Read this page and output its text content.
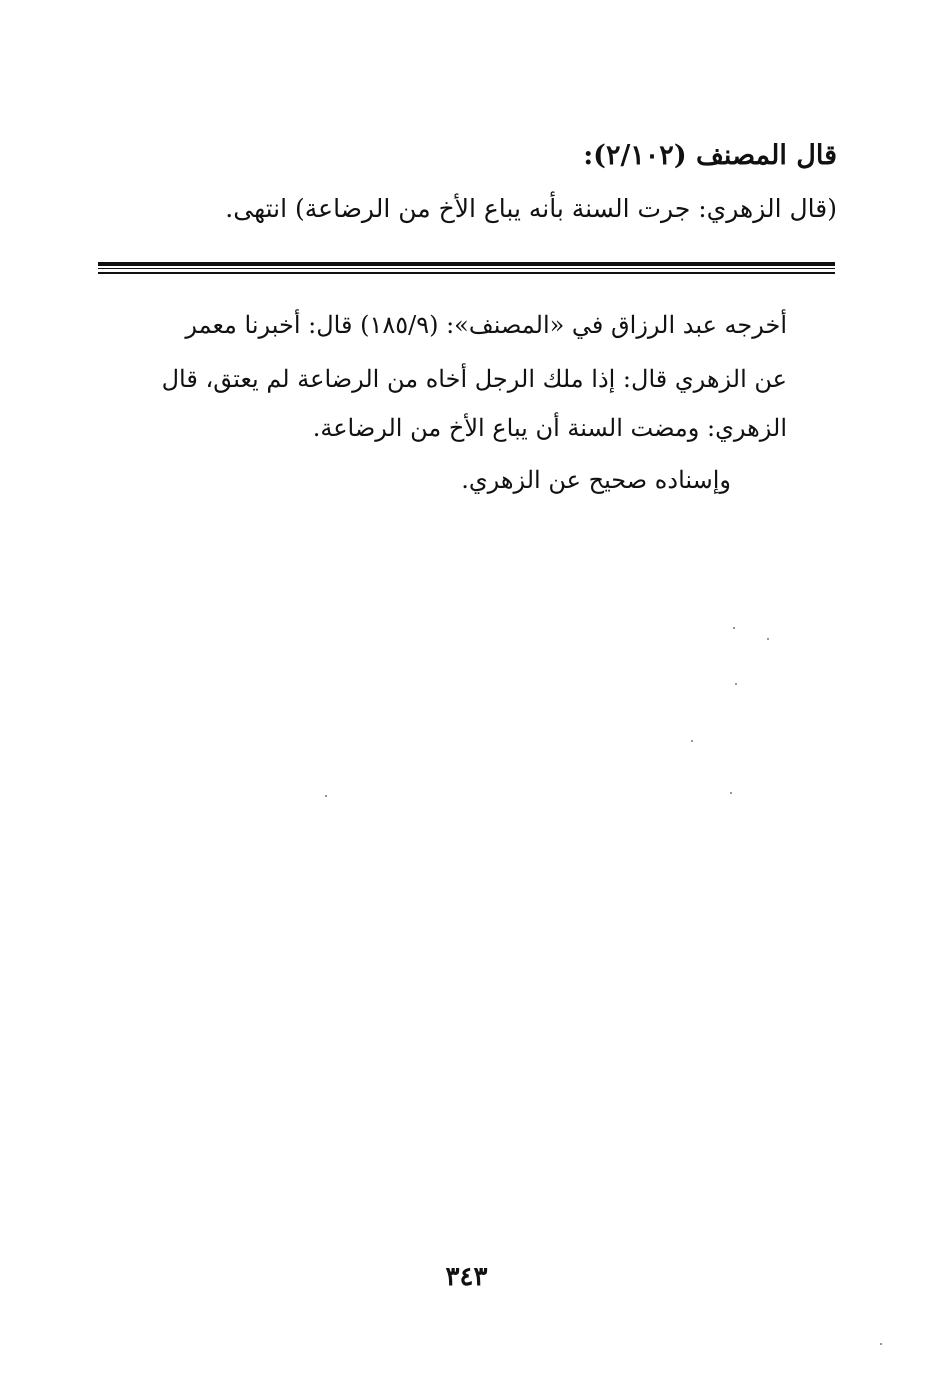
قال المصنف (٢/١٠٢):
(قال الزهري: جرت السنة بأنه يباع الأخ من الرضاعة) انتهى.
أخرجه عبد الرزاق في «المصنف»: (١٨٥/٩) قال: أخبرنا معمر
عن الزهري قال: إذا ملك الرجل أخاه من الرضاعة لم يعتق، قال
الزهري: ومضت السنة أن يباع الأخ من الرضاعة.
وإسناده صحيح عن الزهري.
٣٤٣
